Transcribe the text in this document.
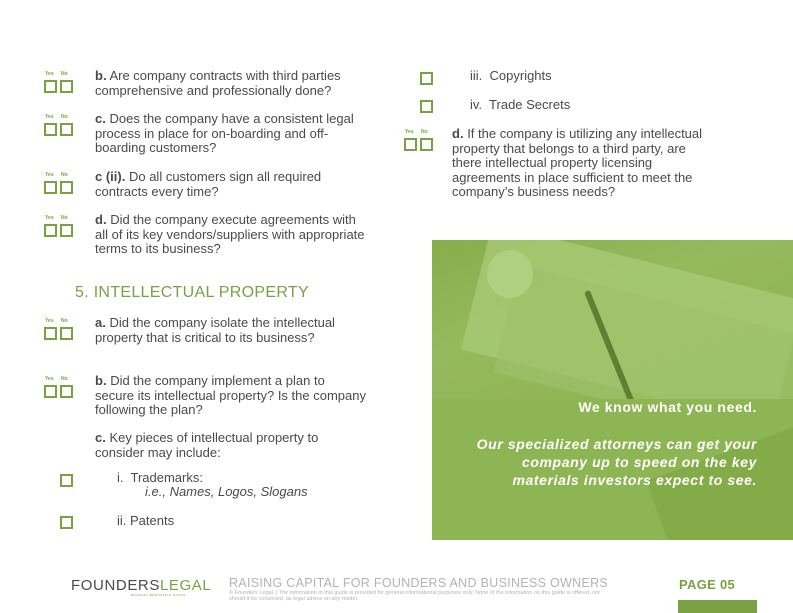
Yes No b. Are company contracts with third parties comprehensive and professionally done?
Yes No c. Does the company have a consistent legal process in place for on-boarding and off-boarding customers?
Yes No c (ii). Do all customers sign all required contracts every time?
Yes No d. Did the company execute agreements with all of its key vendors/suppliers with appropriate terms to its business?
5. INTELLECTUAL PROPERTY
Yes No a. Did the company isolate the intellectual property that is critical to its business?
Yes No b. Did the company implement a plan to secure its intellectual property? Is the company following the plan?
c. Key pieces of intellectual property to consider may include:
i. Trademarks:
i.e., Names, Logos, Slogans
ii. Patents
iii. Copyrights
iv. Trade Secrets
Yes No d. If the company is utilizing any intellectual property that belongs to a third party, are there intellectual property licensing agreements in place sufficient to meet the company’s business needs?
We know what you need.
Our specialized attorneys can get your company up to speed on the key materials investors expect to see.
FOUNDERSLEGAL
BRADLEY BERNSTEIN SANDS
RAISING CAPITAL FOR FOUNDERS AND BUSINESS OWNERS
© Founders Legal. | The information in this guide is provided for general informational purposes only. None of the information on this guide is offered, nor should it be construed, as legal advice on any matter.
PAGE 05
